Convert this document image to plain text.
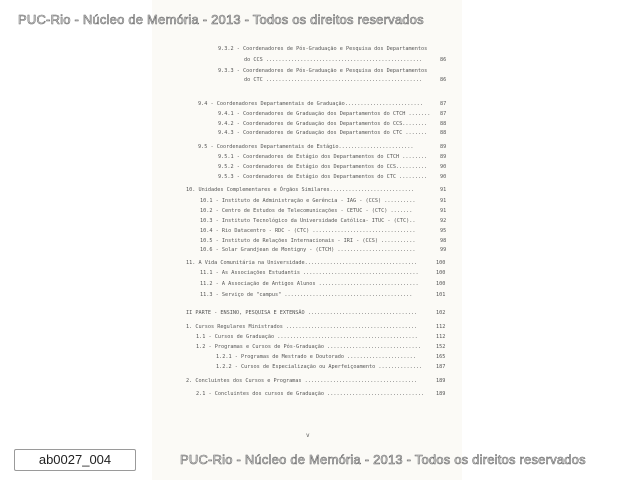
9.3.2 - Coordenadores de Pós-Graduação e Pesquisa dos Departamentos
do CCS ..................................................	86
9.3.3 - Coordenadores de Pós-Graduação e Pesquisa dos Departamentos
do CTC ..................................................	86
9.4 - Coordenadores Departamentais de Graduação.........................	87
9.4.1 - Coordenadores de Graduação dos Departamentos do CTCH ....... 87
9.4.2 - Coordenadores de Graduação dos Departamentos do CCS........ 88
9.4.3 - Coordenadores de Graduação dos Departamentos do CTC ....... 88
9.5 - Coordenadores Departamentais de Estágio........................	89
9.5.1 - Coordenadores de Estágio dos Departamentos do CTCH ........ 89
9.5.2 - Coordenadores de Estágio dos Departamentos do CCS.......... 90
9.5.3 - Coordenadores de Estágio dos Departamentos do CTC ......... 90
10. Unidades Complementares e Órgãos Similares...........................	91
10.1 - Instituto de Administração e Gerência - IAG - (CCS) ..........	91
10.2 - Centro de Estudos de Telecomunicações - CETUC - (CTC) .......	91
10.3 - Instituto Tecnológico da Universidade Católica- ITUC - (CTC)..	92
10.4 - Rio Datacentro - RDC - (CTC) .................................	95
10.5 - Instituto de Relações Internacionais - IRI - (CCS) ...........	98
10.6 - Solar Grandjean de Montigny - (CTCH) .........................	99
11. A Vida Comunitária na Universidade....................................	100
11.1 - As Associações Estudantis .....................................	100
11.2 - A Associação de Antigos Alunos ................................	100
11.3 - Serviço de "campus" .........................................	101
II PARTE - ENSINO, PESQUISA E EXTENSÃO ...................................	102
1. Cursos Regulares Ministrados ..........................................	112
1.1 - Cursos de Graduação .............................................	112
1.2 - Programas e Cursos de Pós-Graduação ..............................	152
1.2.1 - Programas de Mestrado e Doutorado ......................	165
1.2.2 - Cursos de Especialização ou Aperfeiçoamento ..............	187
2. Concluintes dos Cursos e Programas ....................................	189
2.1 - Concluintes dos cursos de Graduação ............................... 189
v
PUC-Rio - Núcleo de Memória - 2013 - Todos os direitos reservados
PUC-Rio - Núcleo de Memória - 2013 - Todos os direitos reservados
ab0027_004
